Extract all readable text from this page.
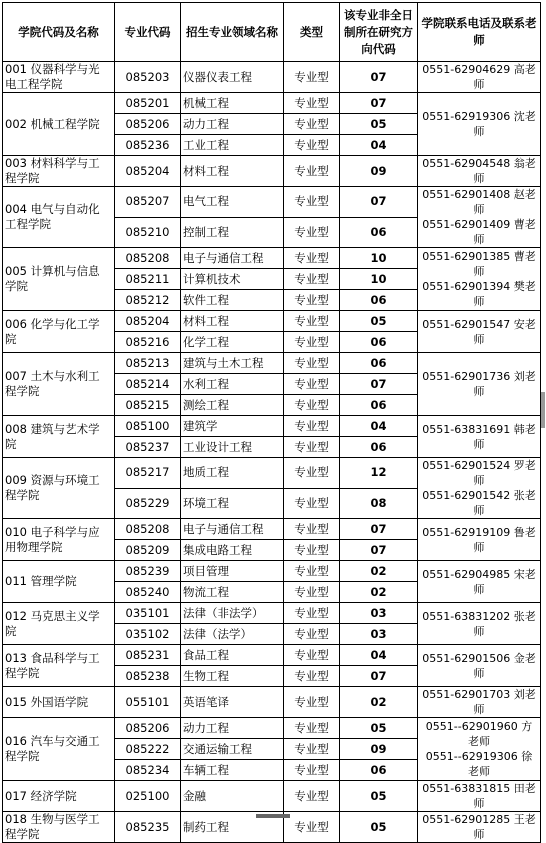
学院代码及名称	专业代码	招生专业领域名称	类型	该专业非全日制所在研究方向代码	学院联系电话及联系老师
001 仪器科学与光电工程学院	085203	仪器仪表工程	专业型	07	0551-62904629 高老师

002 机械工程学院	085201	机械工程	专业型	07	0551-62919306 沈老师

	085206	动力工程	专业型	05	
	085236	工业工程	专业型	04	
003 材料科学与工程学院	085204	材料工程	专业型	09	0551-62904548 翁老师

004 电气与自动化工程学院	085207	电气工程	专业型	07	0551-62901408 赵老师
0551-62901409 曹老师

	085210	控制工程	专业型	06	
005 计算机与信息学院	085208	电子与通信工程	专业型	10	0551-62901385 曹老师
0551-62901394 樊老师

	085211	计算机技术	专业型	10	
	085212	软件工程	专业型	06	
006 化学与化工学院	085204	材料工程	专业型	05	0551-62901547 安老师

	085216	化学工程	专业型	06	
007 土木与水利工程学院	085213	建筑与土木工程	专业型	06	0551-62901736 刘老师

	085214	水利工程	专业型	07	
	085215	测绘工程	专业型	06	
008 建筑与艺术学院	085100	建筑学	专业型	04	0551-63831691 韩老师

	085237	工业设计工程	专业型	06	
009 资源与环境工程学院	085217	地质工程	专业型	12	0551-62901524 罗老师
0551-62901542 张老师

	085229	环境工程	专业型	08	
010 电子科学与应用物理学院	085208	电子与通信工程	专业型	07	0551-62919109 鲁老师

	085209	集成电路工程	专业型	07	
011 管理学院	085239	项目管理	专业型	02	0551-62904985 宋老师

	085240	物流工程	专业型	02	
012 马克思主义学院	035101	法律（非法学）	专业型	03	0551-63831202 张老师

	035102	法律（法学）	专业型	03	
013 食品科学与工程学院	085231	食品工程	专业型	04	0551-62901506 金老师

	085238	生物工程	专业型	07	
015 外国语学院	055101	英语笔译	专业型	02	0551-62901703 刘老师

016 汽车与交通工程学院	085206	动力工程	专业型	05	0551--62901960 方老师
0551--62919306 徐老师

	085222	交通运输工程	专业型	09	
	085234	车辆工程	专业型	06	
017 经济学院	025100	金融	专业型	05	0551-63831815 田老师

018 生物与医学工程学院	085235	制药工程	专业型	05	0551-62901285 王老师
